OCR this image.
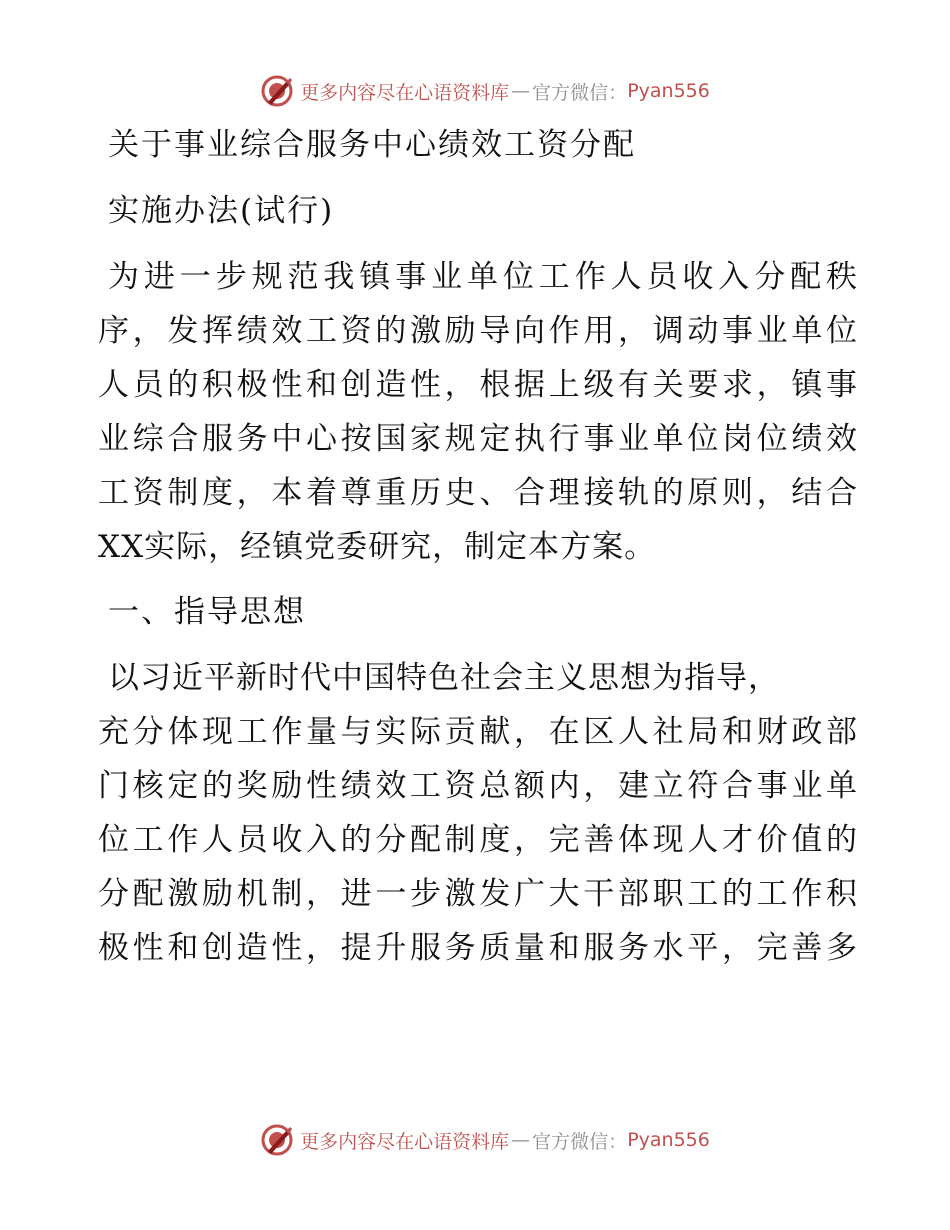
更多内容尽在心语资料库 — 官方微信： Pyan556
关于事业综合服务中心绩效工资分配
实施办法(试行)
为进一步规范我镇事业单位工作人员收入分配秩
序，发挥绩效工资的激励导向作用，调动事业单位
人员的积极性和创造性，根据上级有关要求，镇事
业综合服务中心按国家规定执行事业单位岗位绩效
工资制度，本着尊重历史、合理接轨的原则，结合
XX实际，经镇党委研究，制定本方案。
一、指导思想
以习近平新时代中国特色社会主义思想为指导，
充分体现工作量与实际贡献，在区人社局和财政部
门核定的奖励性绩效工资总额内，建立符合事业单
位工作人员收入的分配制度，完善体现人才价值的
分配激励机制，进一步激发广大干部职工的工作积
极性和创造性，提升服务质量和服务水平，完善多
更多内容尽在心语资料库 — 官方微信： Pyan556
